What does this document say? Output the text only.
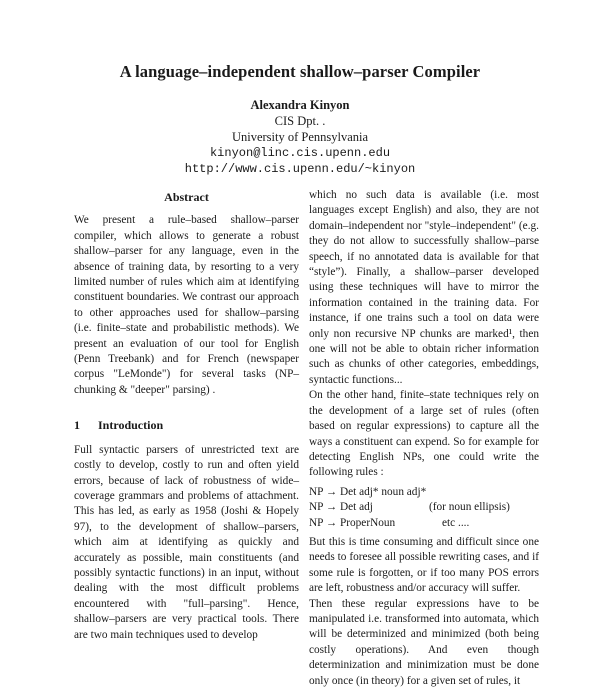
A language–independent shallow–parser Compiler
Alexandra Kinyon
CIS Dpt. .
University of Pennsylvania
kinyon@linc.cis.upenn.edu
http://www.cis.upenn.edu/~kinyon
Abstract

We present a rule–based shallow–parser compiler, which allows to generate a robust shallow–parser for any language, even in the absence of training data, by resorting to a very limited number of rules which aim at identifying constituent boundaries. We contrast our approach to other approaches used for shallow–parsing (i.e. finite–state and probabilistic methods). We present an evaluation of our tool for English (Penn Treebank) and for French (newspaper corpus "LeMonde") for several tasks (NP–chunking & "deeper" parsing) .

1 Introduction

Full syntactic parsers of unrestricted text are costly to develop, costly to run and often yield errors, because of lack of robustness of wide–coverage grammars and problems of attachment. This has led, as early as 1958 (Joshi & Hopely 97), to the development of shallow–parsers, which aim at identifying as quickly and accurately as possible, main constituents (and possibly syntactic functions) in an input, without dealing with the most difficult problems encountered with "full–parsing". Hence, shallow–parsers are very practical tools. There are two main techniques used to develop

which no such data is available (i.e. most languages except English) and also, they are not domain–independent nor "style–independent" (e.g. they do not allow to successfully shallow–parse speech, if no annotated data is available for that “style”). Finally, a shallow–parser developed using these techniques will have to mirror the information contained in the training data. For instance, if one trains such a tool on data were only non recursive NP chunks are marked¹, then one will not be able to obtain richer information such as chunks of other categories, embeddings, syntactic functions...

On the other hand, finite–state techniques rely on the development of a large set of rules (often based on regular expressions) to capture all the ways a constituent can expend. So for example for detecting English NPs, one could write the following rules :

NP → Det adj* noun adj*
NP → Det adj	(for noun ellipsis)
NP → ProperNoun	etc ....

But this is time consuming and difficult since one needs to foresee all possible rewriting cases, and if some rule is forgotten, or if too many POS errors are left, robustness and/or accuracy will suffer.

Then these regular expressions have to be manipulated i.e. transformed into automata, which will be determinized and minimized (both being costly operations). And even though determinization and minimization must be done only once (in theory) for a given set of rules, it
